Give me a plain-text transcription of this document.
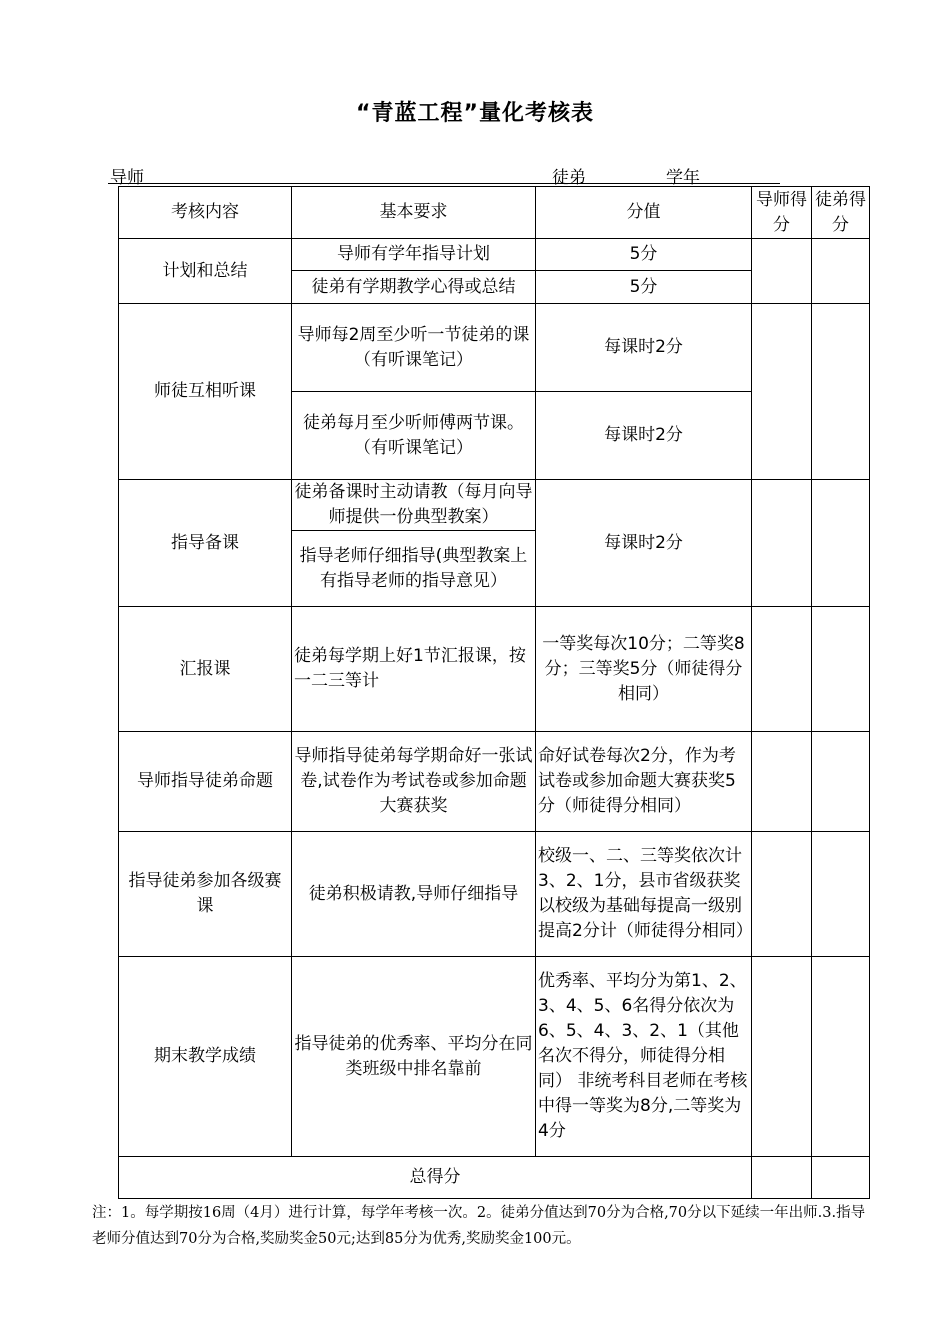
“青蓝工程”量化考核表
导师	徒弟	学年
考核内容	基本要求	分值	导师得分	徒弟得分
计划和总结	导师有学年指导计划	5分		
	徒弟有学期教学心得或总结	5分		
师徒互相听课	导师每2周至少听一节徒弟的课（有听课笔记）	每课时2分		
	徒弟每月至少听师傅两节课。（有听课笔记）	每课时2分		
指导备课	徒弟备课时主动请教（每月向导师提供一份典型教案）	每课时2分		
	指导老师仔细指导(典型教案上有指导老师的指导意见）			
汇报课	徒弟每学期上好1节汇报课，按一二三等计	一等奖每次10分；二等奖8分；三等奖5分（师徒得分相同）		
导师指导徒弟命题	导师指导徒弟每学期命好一张试卷,试卷作为考试卷或参加命题大赛获奖	命好试卷每次2分，作为考试卷或参加命题大赛获奖5分（师徒得分相同）		
指导徒弟参加各级赛课	徒弟积极请教,导师仔细指导	校级一、二、三等奖依次计3、2、1分，县市省级获奖以校级为基础每提高一级别提高2分计（师徒得分相同）		
期末教学成绩	指导徒弟的优秀率、平均分在同类班级中排名靠前	优秀率、平均分为第1、2、3、4、5、6名得分依次为6、5、4、3、2、1（其他名次不得分，师徒得分相同） 非统考科目老师在考核中得一等奖为8分,二等奖为4分		
总得分				
注：1。每学期按16周（4月）进行计算，每学年考核一次。2。徒弟分值达到70分为合格,70分以下延续一年出师.3.指导老师分值达到70分为合格,奖励奖金50元;达到85分为优秀,奖励奖金100元。
